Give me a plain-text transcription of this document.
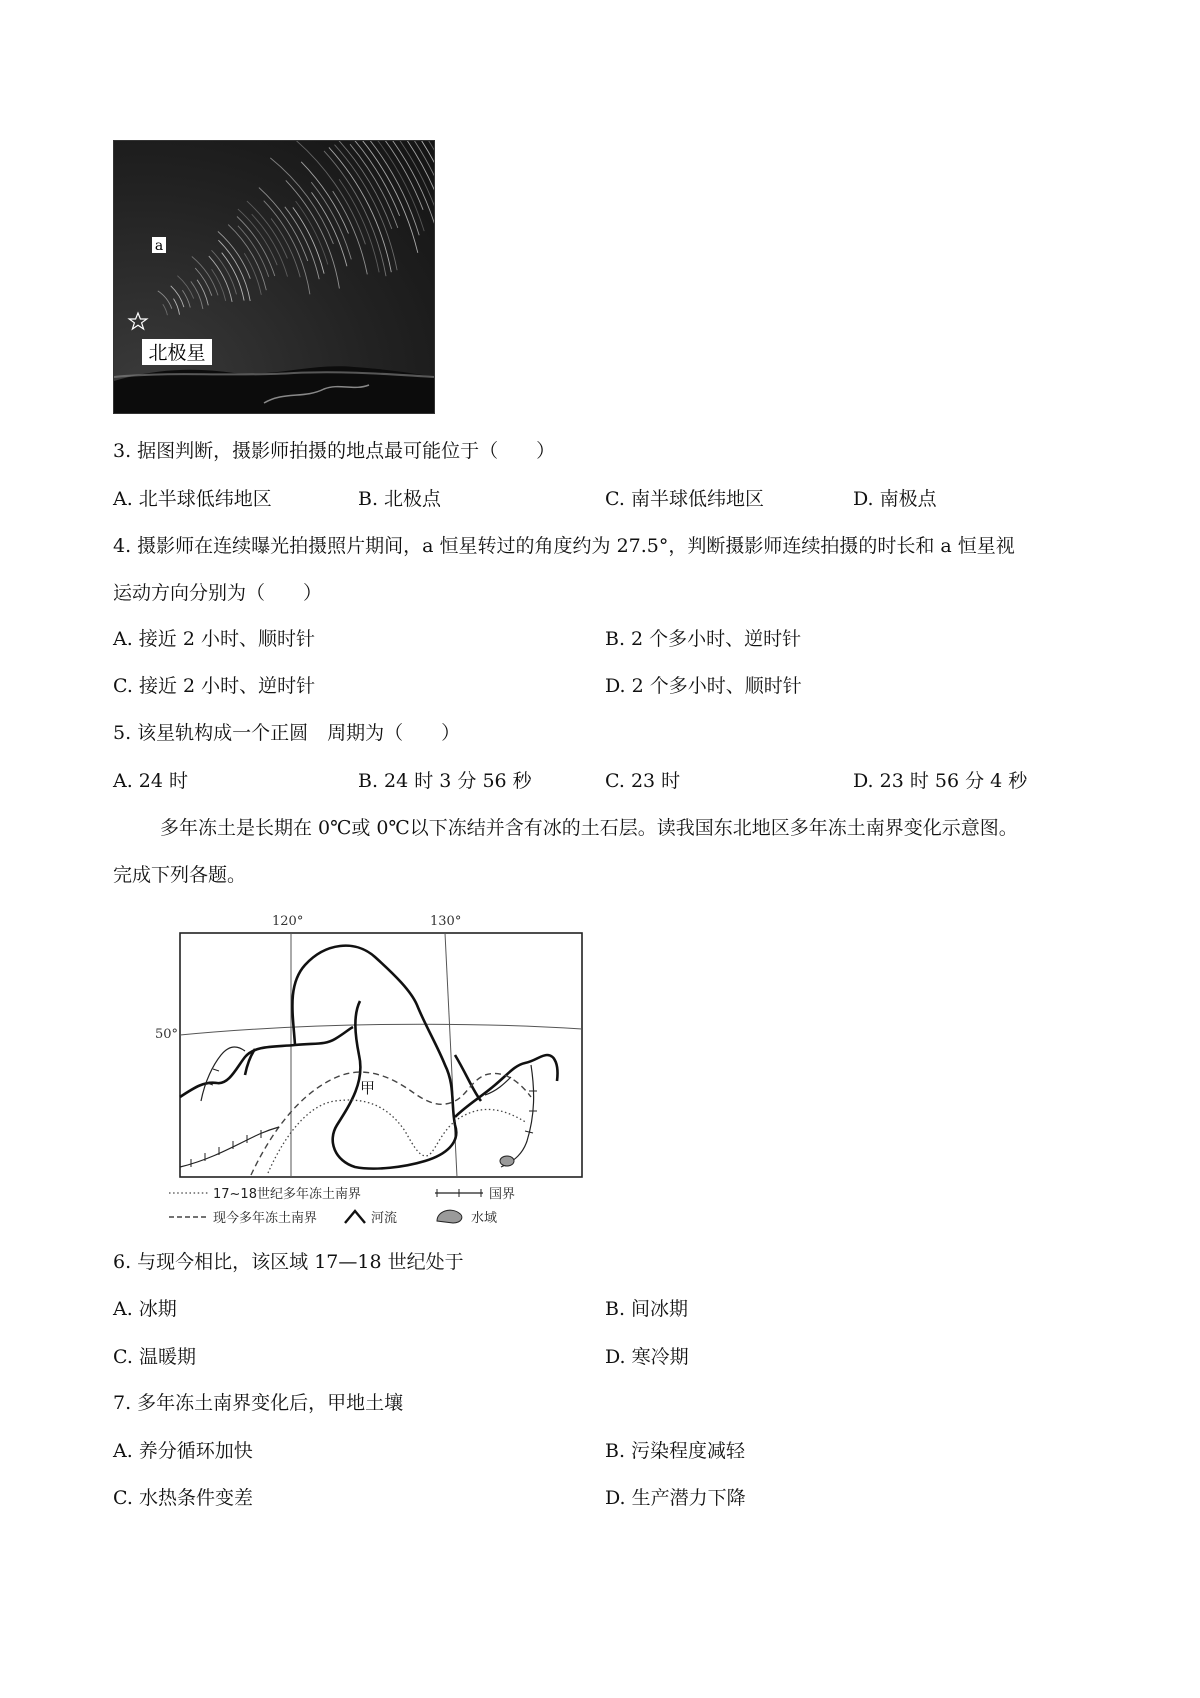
a
北极星
3. 据图判断，摄影师拍摄的地点最可能位于（　　）
A. 北半球低纬地区	B. 北极点	C. 南半球低纬地区	D. 南极点
4. 摄影师在连续曝光拍摄照片期间，a 恒星转过的角度约为 27.5°，判断摄影师连续拍摄的时长和 a 恒星视
运动方向分别为（　　）
A. 接近 2 小时、顺时针	B. 2 个多小时、逆时针
C. 接近 2 小时、逆时针	D. 2 个多小时、顺时针
5. 该星轨构成一个正圆　周期为（　　）
A. 24 时	B. 24 时 3 分 56 秒	C. 23 时	D. 23 时 56 分 4 秒
多年冻土是长期在 0℃或 0℃以下冻结并含有冰的土石层。读我国东北地区多年冻土南界变化示意图。
完成下列各题。
120°	130°
50°
甲
17~18世纪多年冻土南界
现今多年冻土南界
国界
河流	水域
6. 与现今相比，该区域 17—18 世纪处于
A. 冰期	B. 间冰期
C. 温暖期	D. 寒冷期
7. 多年冻土南界变化后，甲地土壤
A. 养分循环加快	B. 污染程度减轻
C. 水热条件变差	D. 生产潜力下降
